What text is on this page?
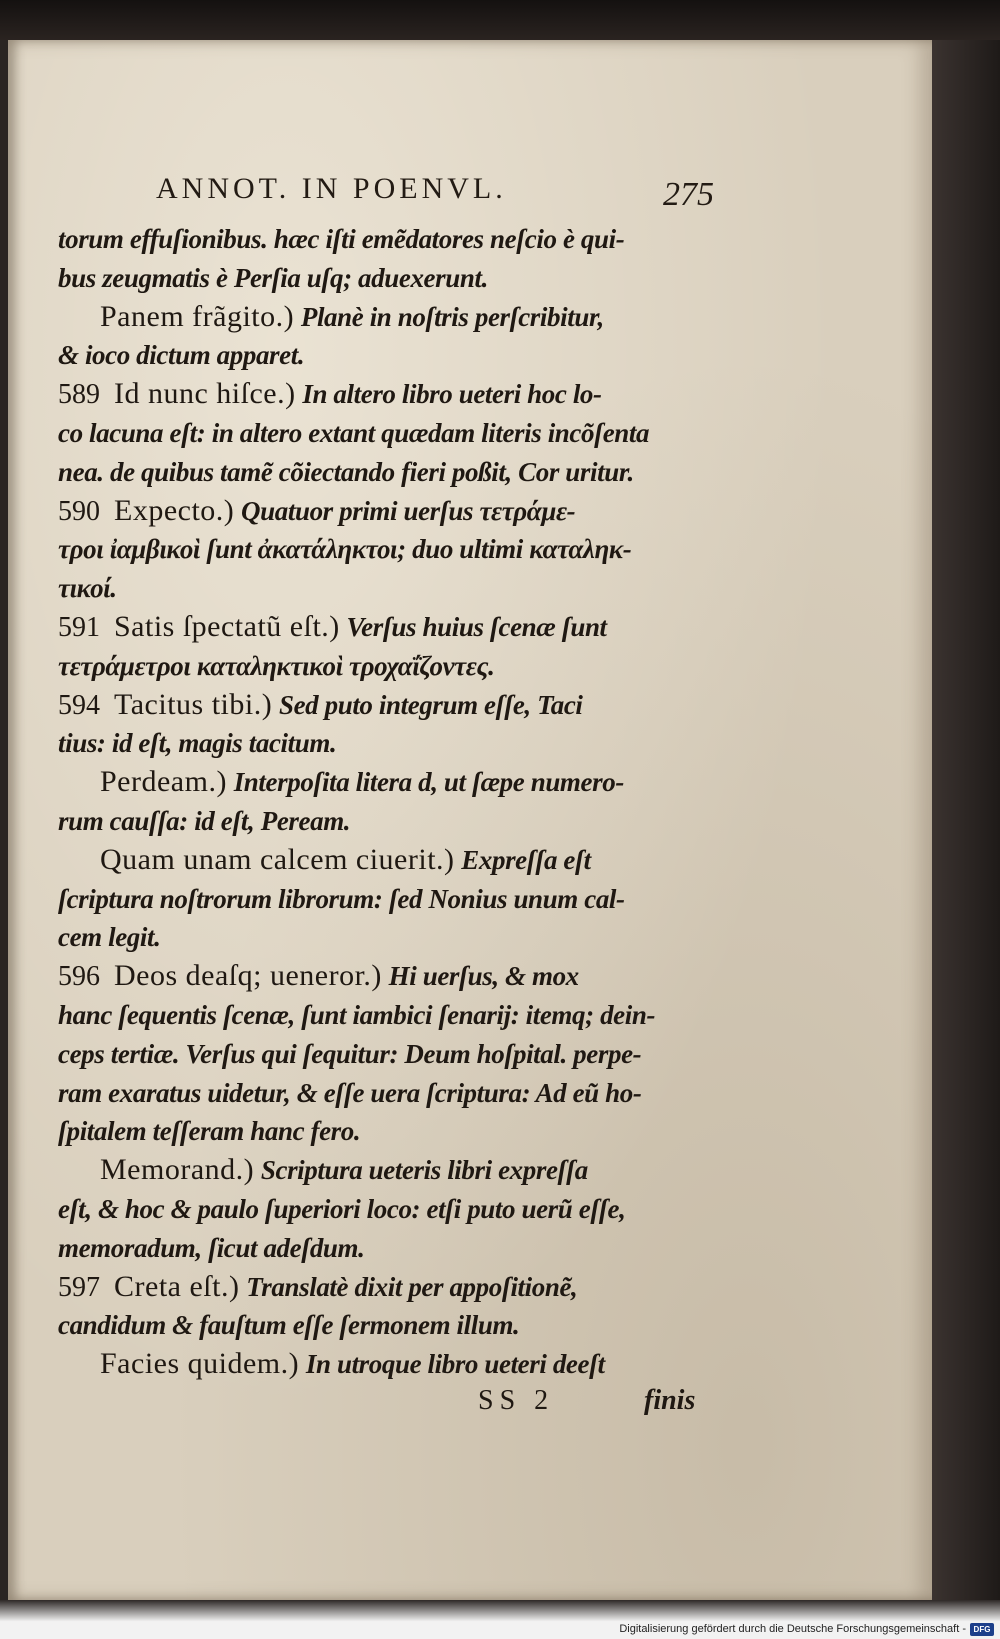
ANNOT. IN POENVL.	275
torum effuſionibus. hæc iſti emẽdatores neſcio è qui-
bus zeugmatis è Perſia uſq; aduexerunt.
Panem frãgito.) Planè in noſtris perſcribitur,
& ioco dictum apparet.
589 Id nunc hiſce.) In altero libro ueteri hoc lo-
co lacuna eſt: in altero extant quædam literis incõſenta
nea. de quibus tamẽ cõiectando fieri poßit, Cor uritur.
590 Expecto.) Quatuor primi uerſus τετράμε-
τροι ἰαμβικοὶ ſunt ἀκατάληκτοι; duo ultimi καταληκ-
τικοί.
591 Satis ſpectatũ eſt.) Verſus huius ſcenæ ſunt
τετράμετροι καταληκτικοὶ τροχαΐζοντες.
594 Tacitus tibi.) Sed puto integrum eſſe, Taci
tius: id eſt, magis tacitum.
Perdeam.) Interpoſita litera d, ut ſæpe numero-
rum cauſſa: id eſt, Peream.
Quam unam calcem ciuerit.) Expreſſa eſt
ſcriptura noſtrorum librorum: ſed Nonius unum cal-
cem legit.
596 Deos deaſq; ueneror.) Hi uerſus, & mox
hanc ſequentis ſcenæ, ſunt iambici ſenarij: itemq; dein-
ceps tertiæ. Verſus qui ſequitur: Deum hoſpital. perpe-
ram exaratus uidetur, & eſſe uera ſcriptura: Ad eũ ho-
ſpitalem teſſeram hanc fero.
Memorand.) Scriptura ueteris libri expreſſa
eſt, & hoc & paulo ſuperiori loco: etſi puto uerũ eſſe,
memoradum, ſicut adeſdum.
597 Creta eſt.) Translatè dixit per appoſitionẽ,
candidum & fauſtum eſſe ſermonem illum.
Facies quidem.) In utroque libro ueteri deeſt
SS 2	finis
Digitalisierung gefördert durch die Deutsche Forschungsgemeinschaft - DFG
